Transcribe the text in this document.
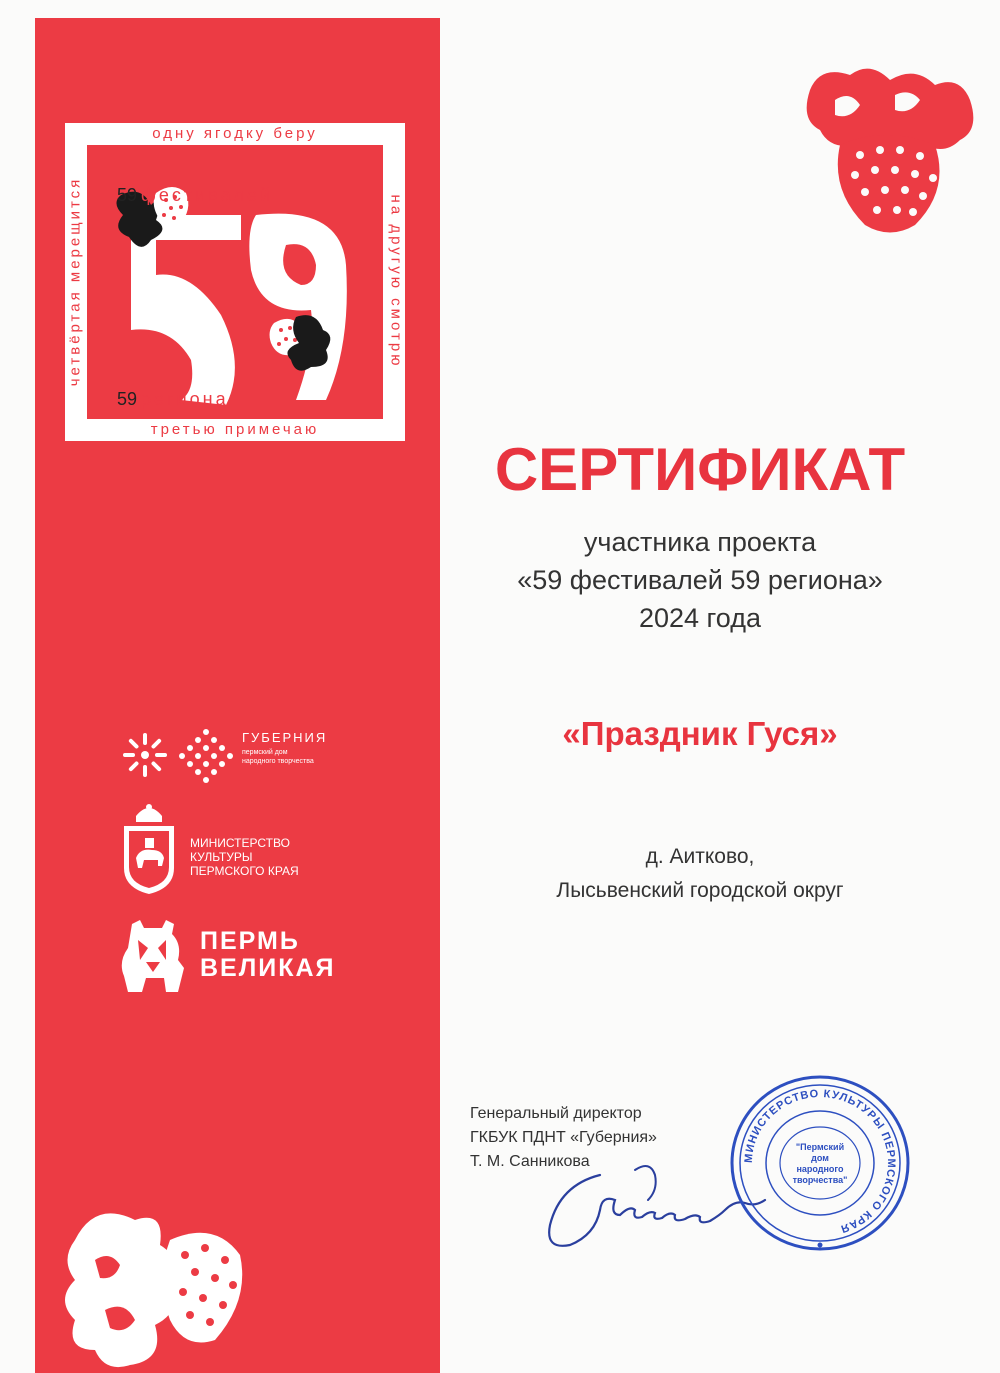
одну ягодку беру
четвёртая мерещится	на другую смотрю
третью примечаю
59 фестивалей
59 региона
ГУБЕРНИЯ
пермский дом народного творчества
МИНИСТЕРСТВО
КУЛЬТУРЫ
ПЕРМСКОГО КРАЯ
ПЕРМЬ
ВЕЛИКАЯ
СЕРТИФИКАТ
участника проекта
«59 фестивалей 59 региона»
2024 года
«Праздник Гуся»
д. Аитково,
Лысьвенский городской округ
Генеральный директор
ГКБУК ПДНТ «Губерния»
Т. М. Санникова	МИНИСТЕРСТВО КУЛЬТУРЫ ПЕРМСКОГО КРАЯ
"Пермский
дом
народного
творчества"
